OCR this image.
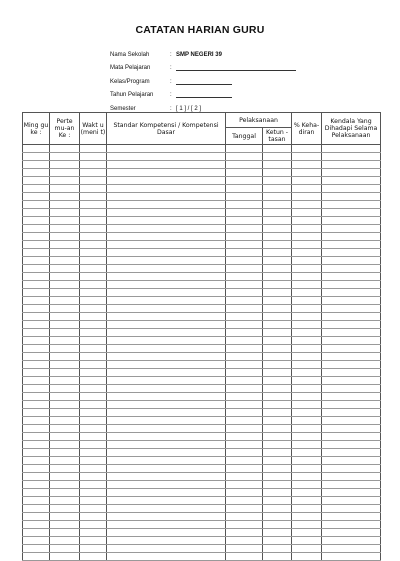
CATATAN HARIAN GURU
Nama Sekolah	: SMP NEGERI 39
Mata Pelajaran	:
Kelas/Program	:
Tahun Pelajaran	:
Semester	: [ 1 ] / [ 2 ]
Ming gu ke :	Perte mu-an Ke :	Wakt u (meni t)	Standar Kompetensi / Kompetensi Dasar	Pelaksanaan		% Keha- diran	Kendala Yang Dihadapi Selama Pelaksanaan
				Tanggal	Ketun -tasan		
